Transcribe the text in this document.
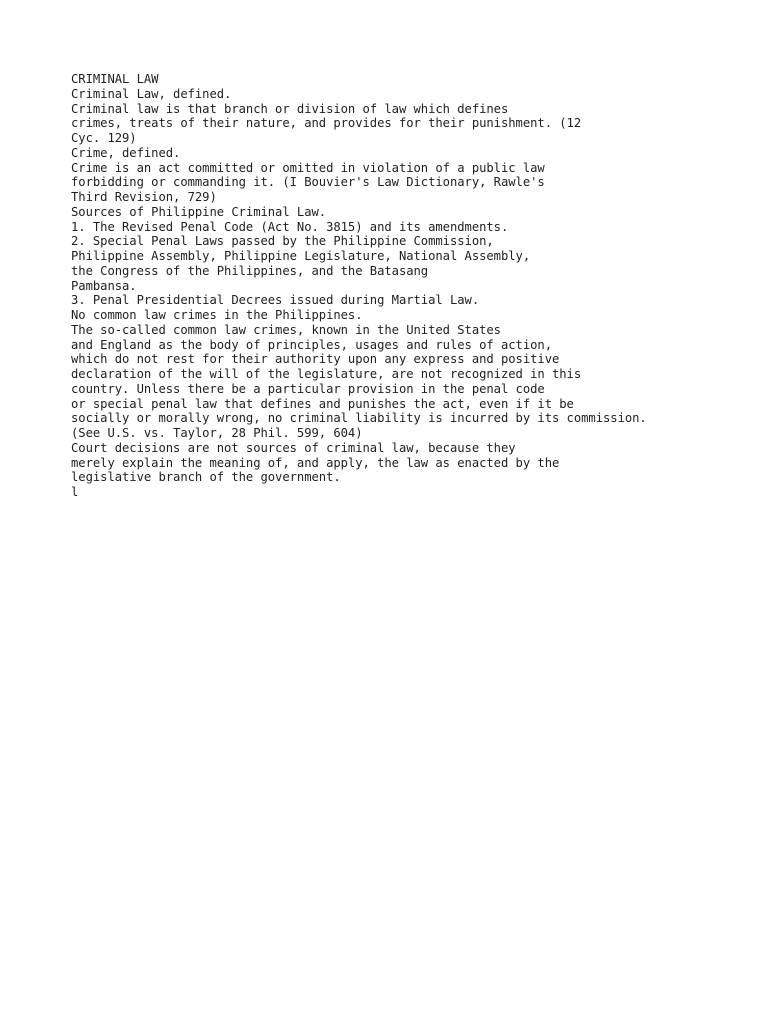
CRIMINAL LAW
Criminal Law, defined.
Criminal law is that branch or division of law which defines
crimes, treats of their nature, and provides for their punishment. (12
Cyc. 129)
Crime, defined.
Crime is an act committed or omitted in violation of a public law
forbidding or commanding it. (I Bouvier's Law Dictionary, Rawle's
Third Revision, 729)
Sources of Philippine Criminal Law.
1. The Revised Penal Code (Act No. 3815) and its amendments.
2. Special Penal Laws passed by the Philippine Commission,
Philippine Assembly, Philippine Legislature, National Assembly,
the Congress of the Philippines, and the Batasang
Pambansa.
3. Penal Presidential Decrees issued during Martial Law.
No common law crimes in the Philippines.
The so-called common law crimes, known in the United States
and England as the body of principles, usages and rules of action,
which do not rest for their authority upon any express and positive
declaration of the will of the legislature, are not recognized in this
country. Unless there be a particular provision in the penal code
or special penal law that defines and punishes the act, even if it be
socially or morally wrong, no criminal liability is incurred by its commission.
(See U.S. vs. Taylor, 28 Phil. 599, 604)
Court decisions are not sources of criminal law, because they
merely explain the meaning of, and apply, the law as enacted by the
legislative branch of the government.
l
